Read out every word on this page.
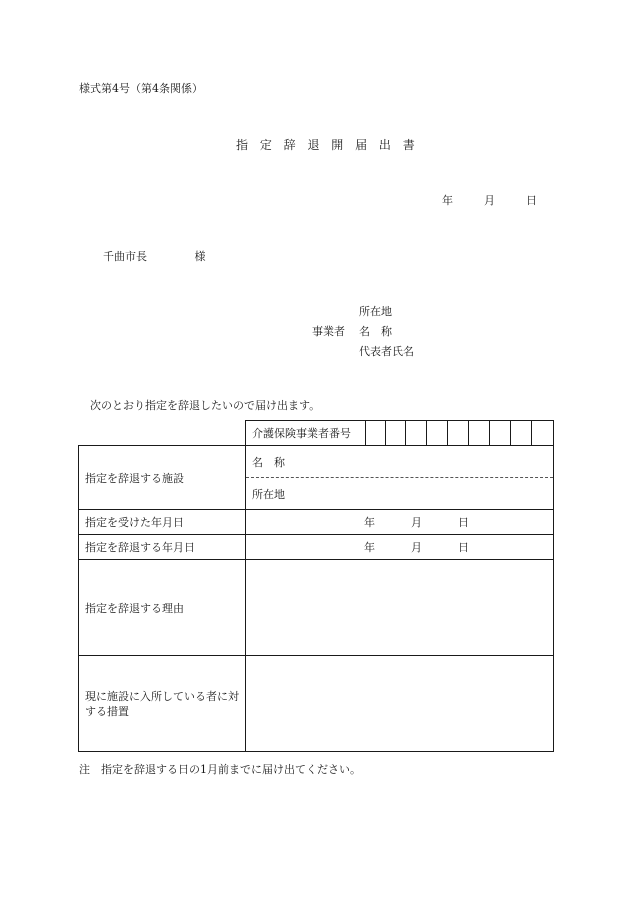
様式第4号（第4条関係）
指 定 辞 退 開 届 出 書
年	月	日
千曲市長	様
事業者
所在地
名　称
代表者氏名
次のとおり指定を辞退したいので届け出ます。
	介護保険事業者番号									
指定を辞退する施設	名　称
所在地									

指定を受けた年月日	年 月 日									

指定を辞退する年月日	年 月 日									

指定を辞退する理由										
現に施設に入所している者に対する措置										
注　指定を辞退する日の1月前までに届け出てください。
